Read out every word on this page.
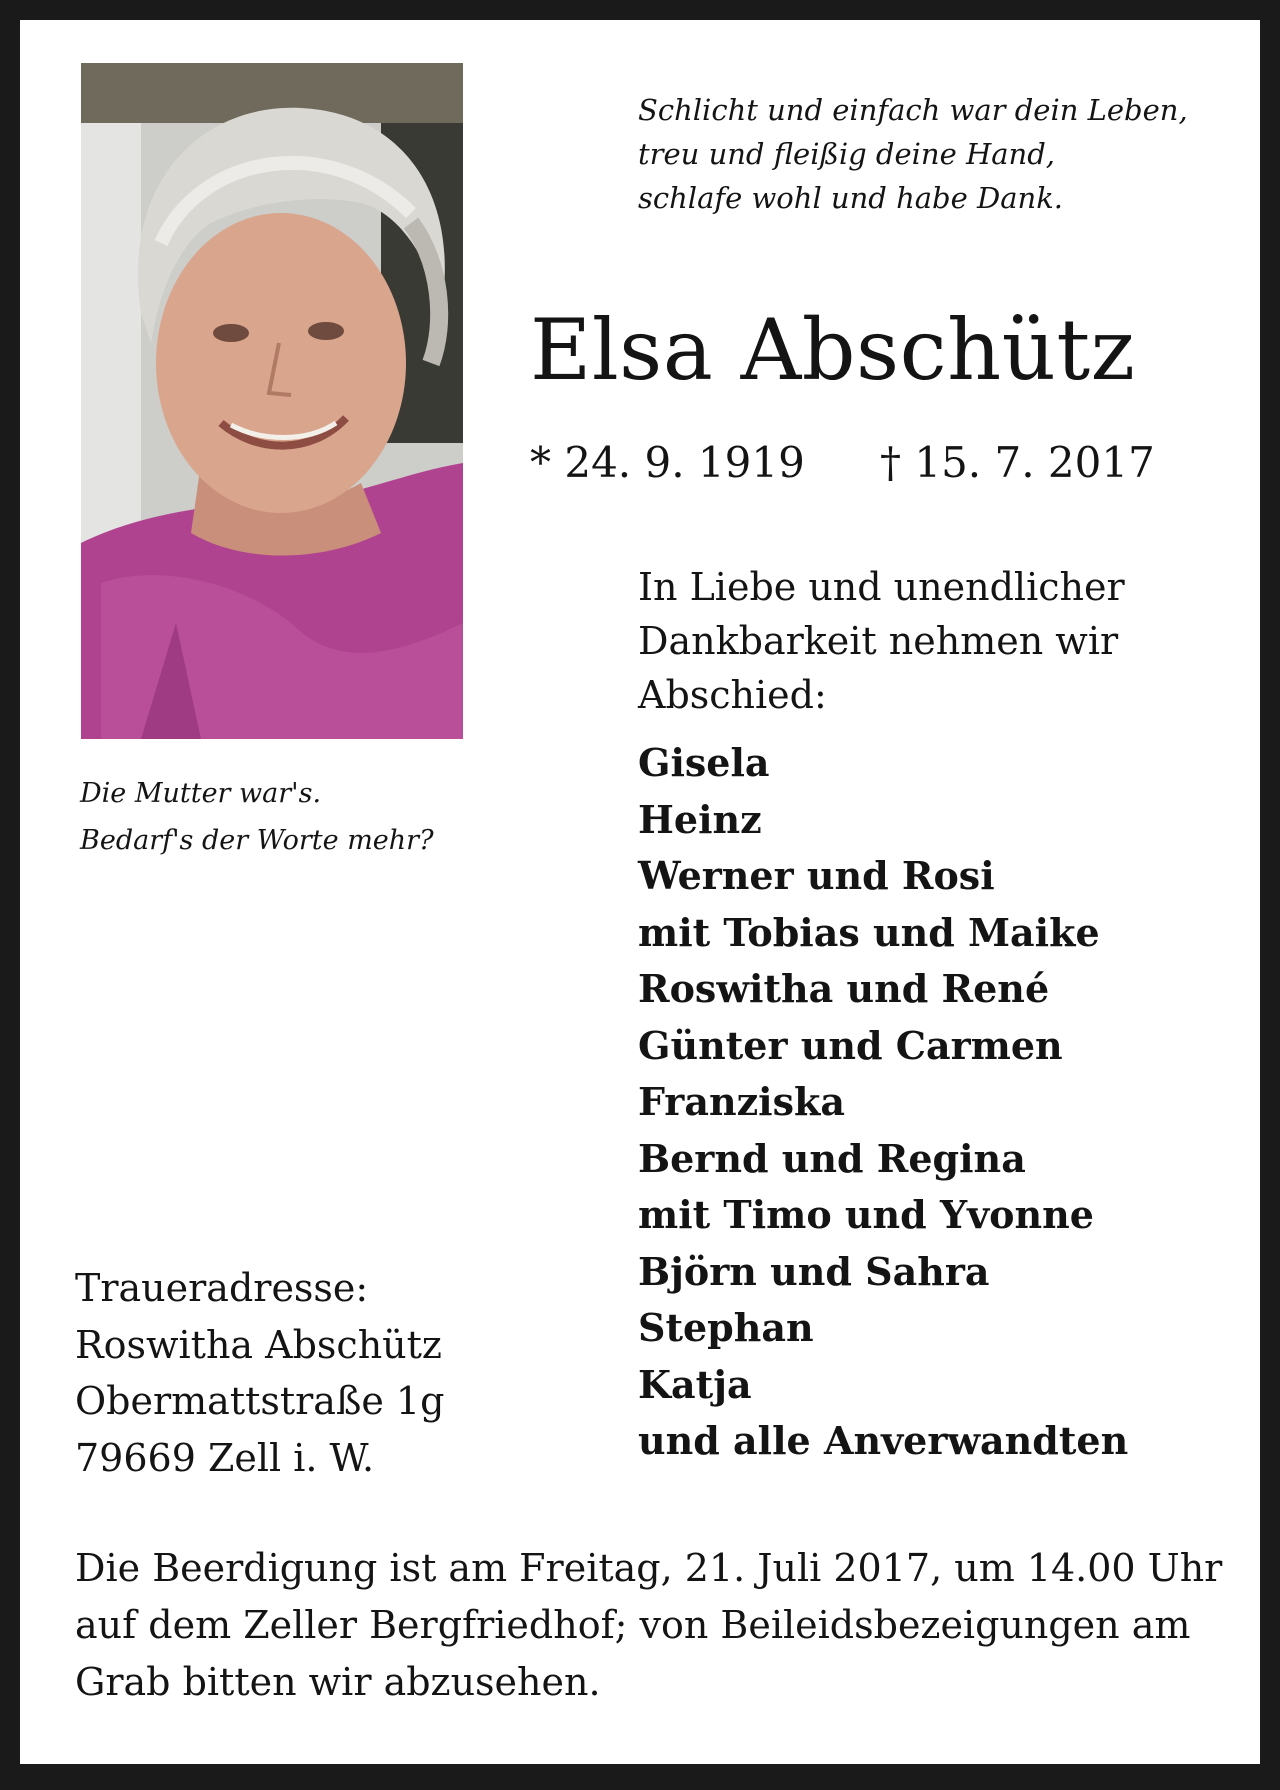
Schlicht und einfach war dein Leben,
treu und fleißig deine Hand,
schlafe wohl und habe Dank.
Elsa Abschütz
* 24. 9. 1919 † 15. 7. 2017
In Liebe und unendlicher
Dankbarkeit nehmen wir
Abschied:
Gisela
Heinz
Werner und Rosi
mit Tobias und Maike
Roswitha und René
Günter und Carmen
Franziska
Bernd und Regina
mit Timo und Yvonne
Björn und Sahra
Stephan
Katja
und alle Anverwandten
Die Mutter war's.
Bedarf's der Worte mehr?
Traueradresse:
Roswitha Abschütz
Obermattstraße 1g
79669 Zell i. W.
Die Beerdigung ist am Freitag, 21. Juli 2017, um 14.00 Uhr
auf dem Zeller Bergfriedhof; von Beileidsbezeigungen am
Grab bitten wir abzusehen.
